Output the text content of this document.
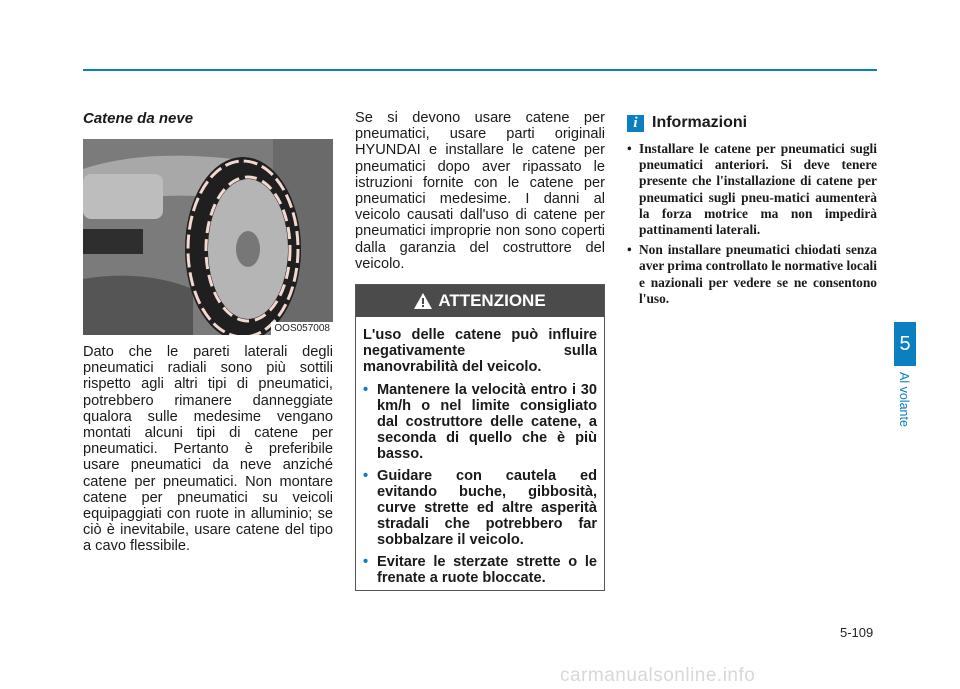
Catene da neve
OOS057008

Dato che le pareti laterali degli pneumatici radiali sono più sottili rispetto agli altri tipi di pneumatici, potrebbero rimanere danneggiate qualora sulle medesime vengano montati alcuni tipi di catene per pneumatici. Pertanto è preferibile usare pneumatici da neve anziché catene per pneumatici. Non montare catene per pneumatici su veicoli equipaggiati con ruote in alluminio; se ciò è inevitabile, usare catene del tipo a cavo flessibile.

Se si devono usare catene per pneumatici, usare parti originali HYUNDAI e installare le catene per pneumatici dopo aver ripassato le istruzioni fornite con le catene per pneumatici medesime. I danni al veicolo causati dall'uso di catene per pneumatici improprie non sono coperti dalla garanzia del costruttore del veicolo.

ATTENZIONE
L'uso delle catene può influire negativamente sulla manovrabilità del veicolo.
• Mantenere la velocità entro i 30 km/h o nel limite consigliato dal costruttore delle catene, a seconda di quello che è più basso.
• Guidare con cautela ed evitando buche, gibbosità, curve strette ed altre asperità stradali che potrebbero far sobbalzare il veicolo.
• Evitare le sterzate strette o le frenate a ruote bloccate.
i Informazioni
• Installare le catene per pneumatici sugli pneumatici anteriori. Si deve tenere presente che l'installazione di catene per pneumatici sugli pneu-matici aumenterà la forza motrice ma non impedirà pattinamenti laterali.
• Non installare pneumatici chiodati senza aver prima controllato le normative locali e nazionali per vedere se ne consentono l'uso.
5
Al volante
5-109
carmanualsonline.info
